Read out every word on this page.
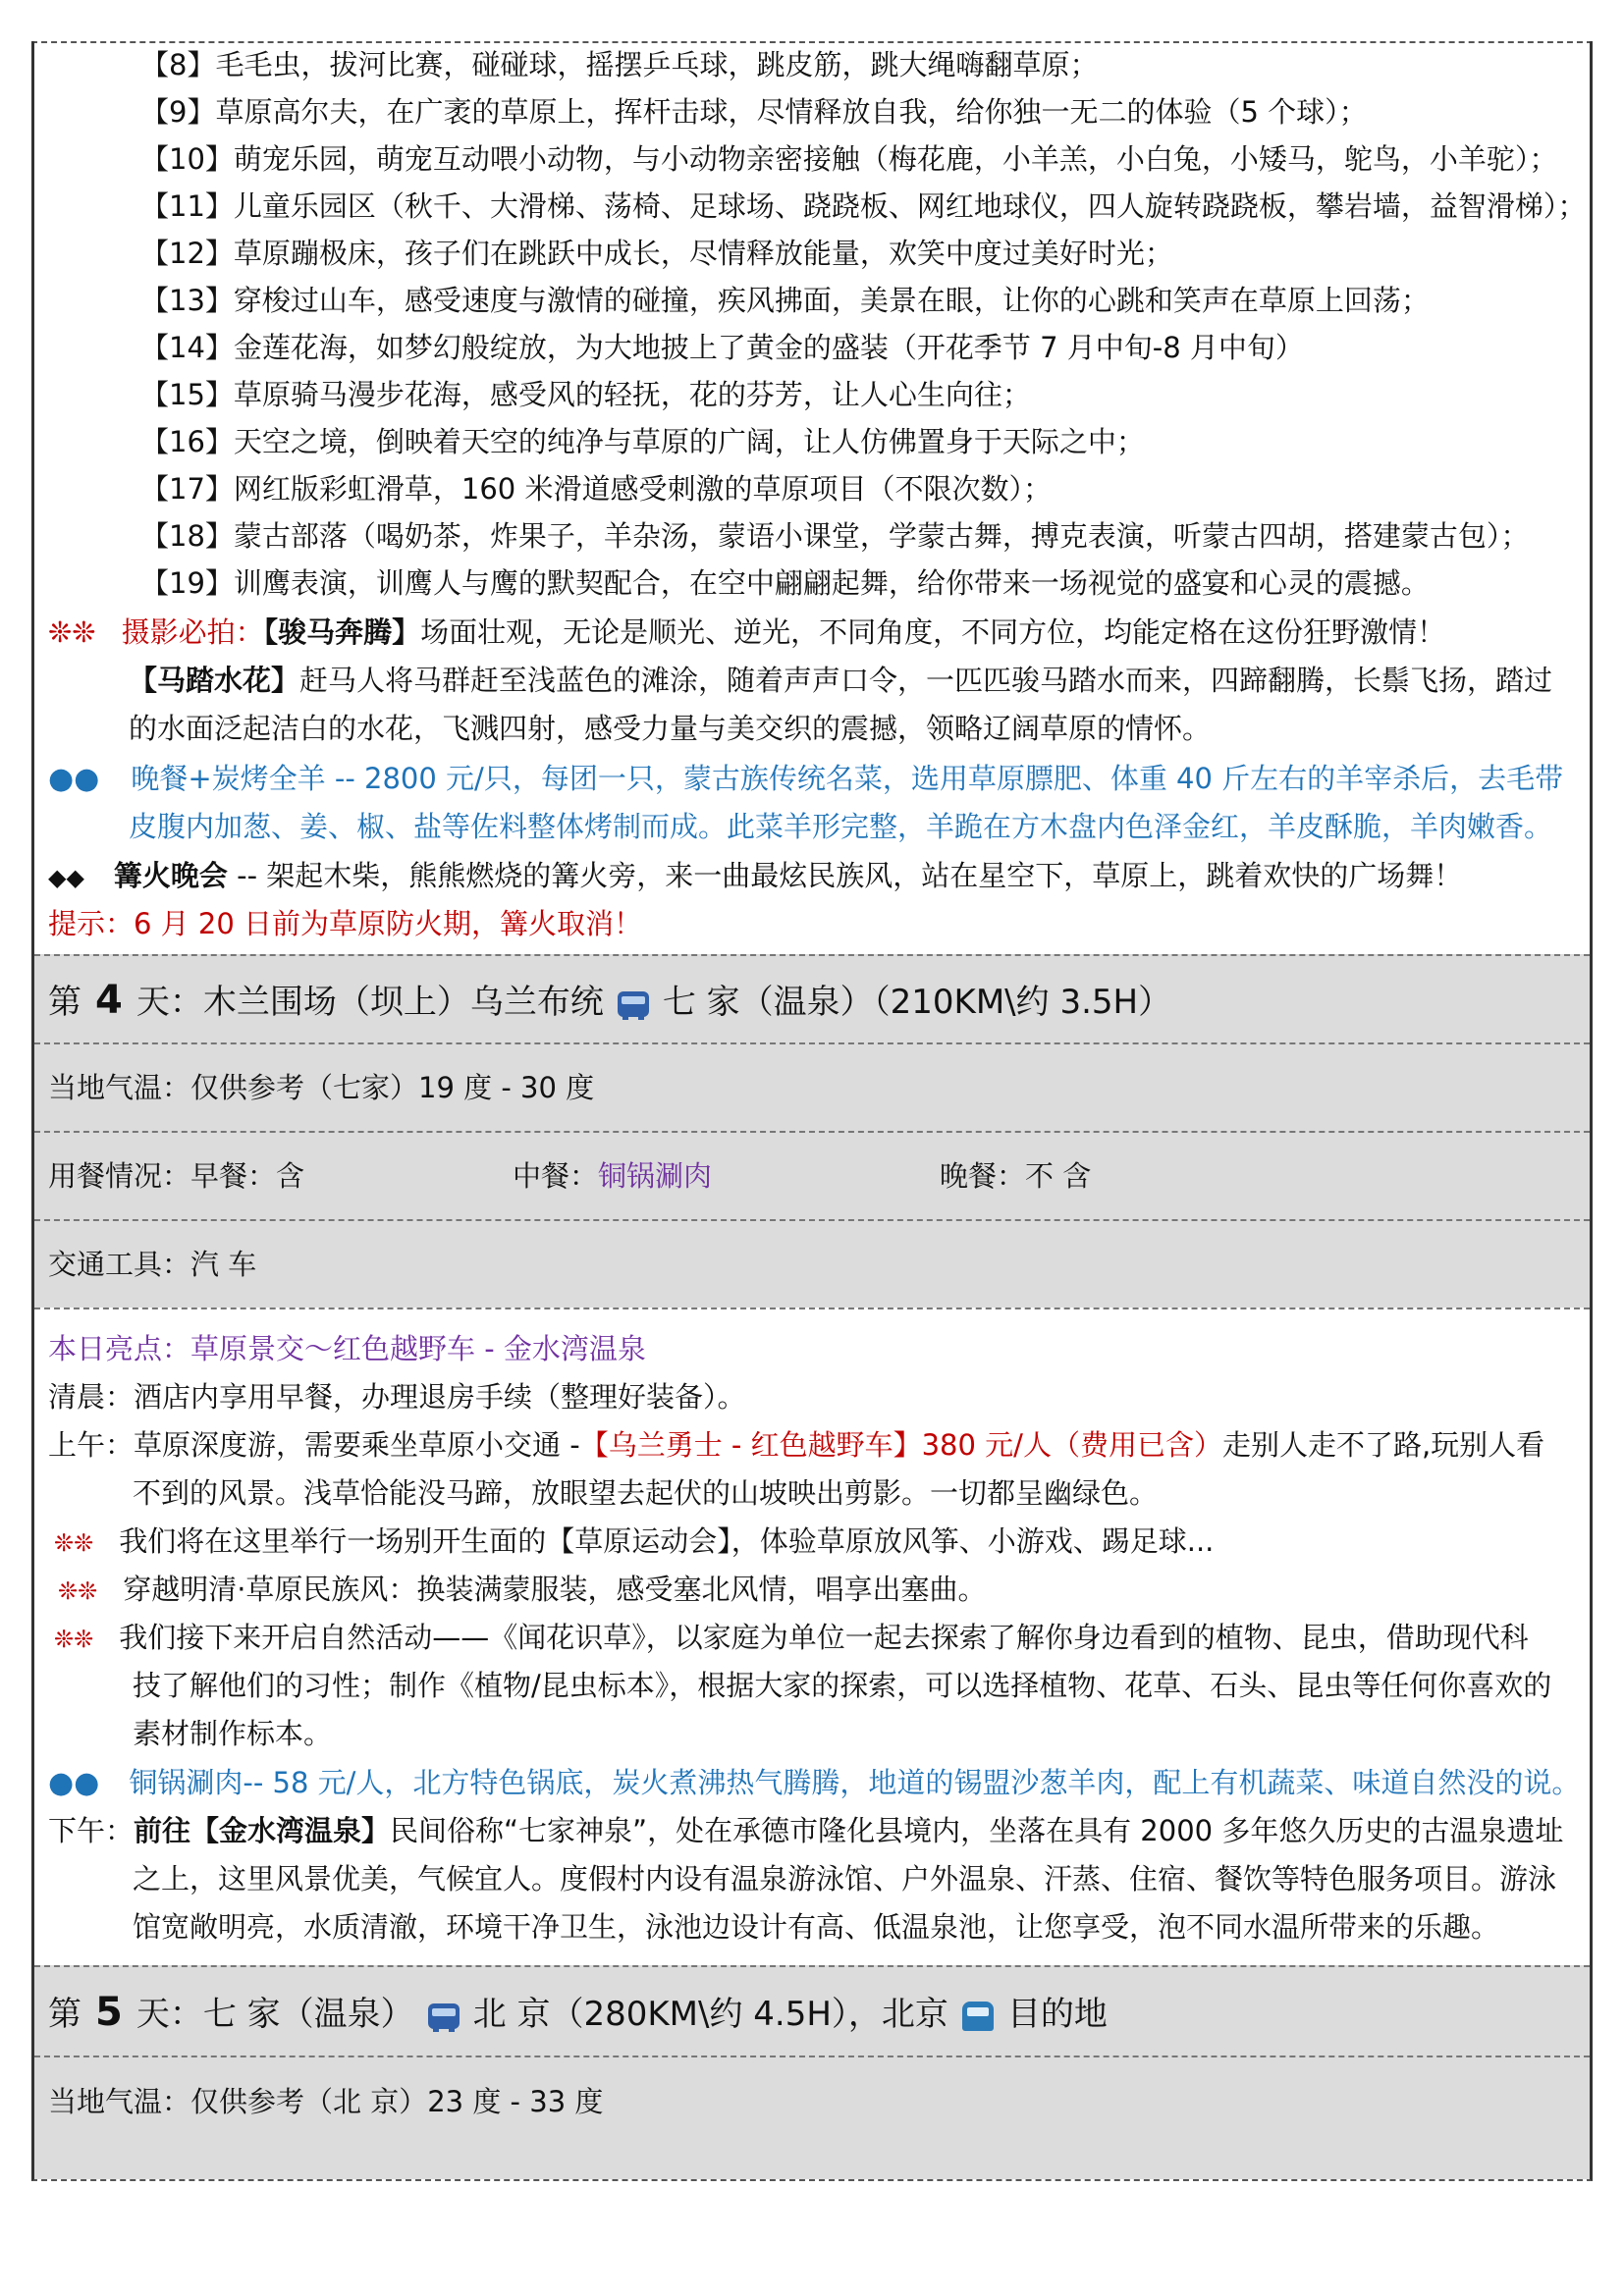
【8】毛毛虫，拔河比赛，碰碰球，摇摆乒乓球，跳皮筋，跳大绳嗨翻草原；
【9】草原高尔夫，在广袤的草原上，挥杆击球，尽情释放自我，给你独一无二的体验（5 个球）；
【10】萌宠乐园，萌宠互动喂小动物，与小动物亲密接触（梅花鹿，小羊羔，小白兔，小矮马，鸵鸟，小羊驼）；
【11】儿童乐园区（秋千、大滑梯、荡椅、足球场、跷跷板、网红地球仪，四人旋转跷跷板，攀岩墙，益智滑梯）；
【12】草原蹦极床，孩子们在跳跃中成长，尽情释放能量，欢笑中度过美好时光；
【13】穿梭过山车，感受速度与激情的碰撞，疾风拂面，美景在眼，让你的心跳和笑声在草原上回荡；
【14】金莲花海，如梦幻般绽放，为大地披上了黄金的盛装（开花季节 7 月中旬-8 月中旬）
【15】草原骑马漫步花海，感受风的轻抚，花的芬芳，让人心生向往；
【16】天空之境，倒映着天空的纯净与草原的广阔，让人仿佛置身于天际之中；
【17】网红版彩虹滑草，160 米滑道感受刺激的草原项目（不限次数）；
【18】蒙古部落（喝奶茶，炸果子，羊杂汤，蒙语小课堂，学蒙古舞，搏克表演，听蒙古四胡，搭建蒙古包）；
【19】训鹰表演，训鹰人与鹰的默契配合，在空中翩翩起舞，给你带来一场视觉的盛宴和心灵的震撼。
❊❊ 摄影必拍：【骏马奔腾】场面壮观，无论是顺光、逆光，不同角度，不同方位，均能定格在这份狂野激情！
【马踏水花】赶马人将马群赶至浅蓝色的滩涂，随着声声口令，一匹匹骏马踏水而来，四蹄翻腾，长鬃飞扬，踏过
的水面泛起洁白的水花，飞溅四射，感受力量与美交织的震撼，领略辽阔草原的情怀。
●● 晚餐+炭烤全羊 -- 2800 元/只，每团一只，蒙古族传统名菜，选用草原膘肥、体重 40 斤左右的羊宰杀后，去毛带
皮腹内加葱、姜、椒、盐等佐料整体烤制而成。此菜羊形完整，羊跪在方木盘内色泽金红，羊皮酥脆，羊肉嫩香。
◆◆ 篝火晚会 -- 架起木柴，熊熊燃烧的篝火旁，来一曲最炫民族风，站在星空下，草原上，跳着欢快的广场舞！
提示：6 月 20 日前为草原防火期，篝火取消！
第 4 天：木兰围场（坝上）乌兰布统 七 家（温泉）（210KM\约 3.5H）
当地气温：仅供参考（七家）19 度 - 30 度
用餐情况：早餐：含	中餐：铜锅涮肉	晚餐：不 含
交通工具：汽 车
本日亮点：草原景交～红色越野车 - 金水湾温泉
清晨：酒店内享用早餐，办理退房手续（整理好装备）。
上午：草原深度游，需要乘坐草原小交通 -【乌兰勇士 - 红色越野车】380 元/人（费用已含）走别人走不了路,玩别人看
不到的风景。浅草恰能没马蹄，放眼望去起伏的山坡映出剪影。一切都呈幽绿色。
❊❊ 我们将在这里举行一场别开生面的【草原运动会】，体验草原放风筝、小游戏、踢足球...
❊❊ 穿越明清·草原民族风：换装满蒙服装，感受塞北风情，唱享出塞曲。
❊❊ 我们接下来开启自然活动——《闻花识草》，以家庭为单位一起去探索了解你身边看到的植物、昆虫，借助现代科
技了解他们的习性；制作《植物/昆虫标本》，根据大家的探索，可以选择植物、花草、石头、昆虫等任何你喜欢的
素材制作标本。
●● 铜锅涮肉-- 58 元/人，北方特色锅底，炭火煮沸热气腾腾，地道的锡盟沙葱羊肉，配上有机蔬菜、味道自然没的说。
下午：前往【金水湾温泉】民间俗称“七家神泉”，处在承德市隆化县境内，坐落在具有 2000 多年悠久历史的古温泉遗址
之上，这里风景优美，气候宜人。度假村内设有温泉游泳馆、户外温泉、汗蒸、住宿、餐饮等特色服务项目。游泳
馆宽敞明亮，水质清澈，环境干净卫生，泳池边设计有高、低温泉池，让您享受，泡不同水温所带来的乐趣。
第 5 天：七 家（温泉） 北 京（280KM\约 4.5H），北京 目的地
当地气温：仅供参考（北 京）23 度 - 33 度
